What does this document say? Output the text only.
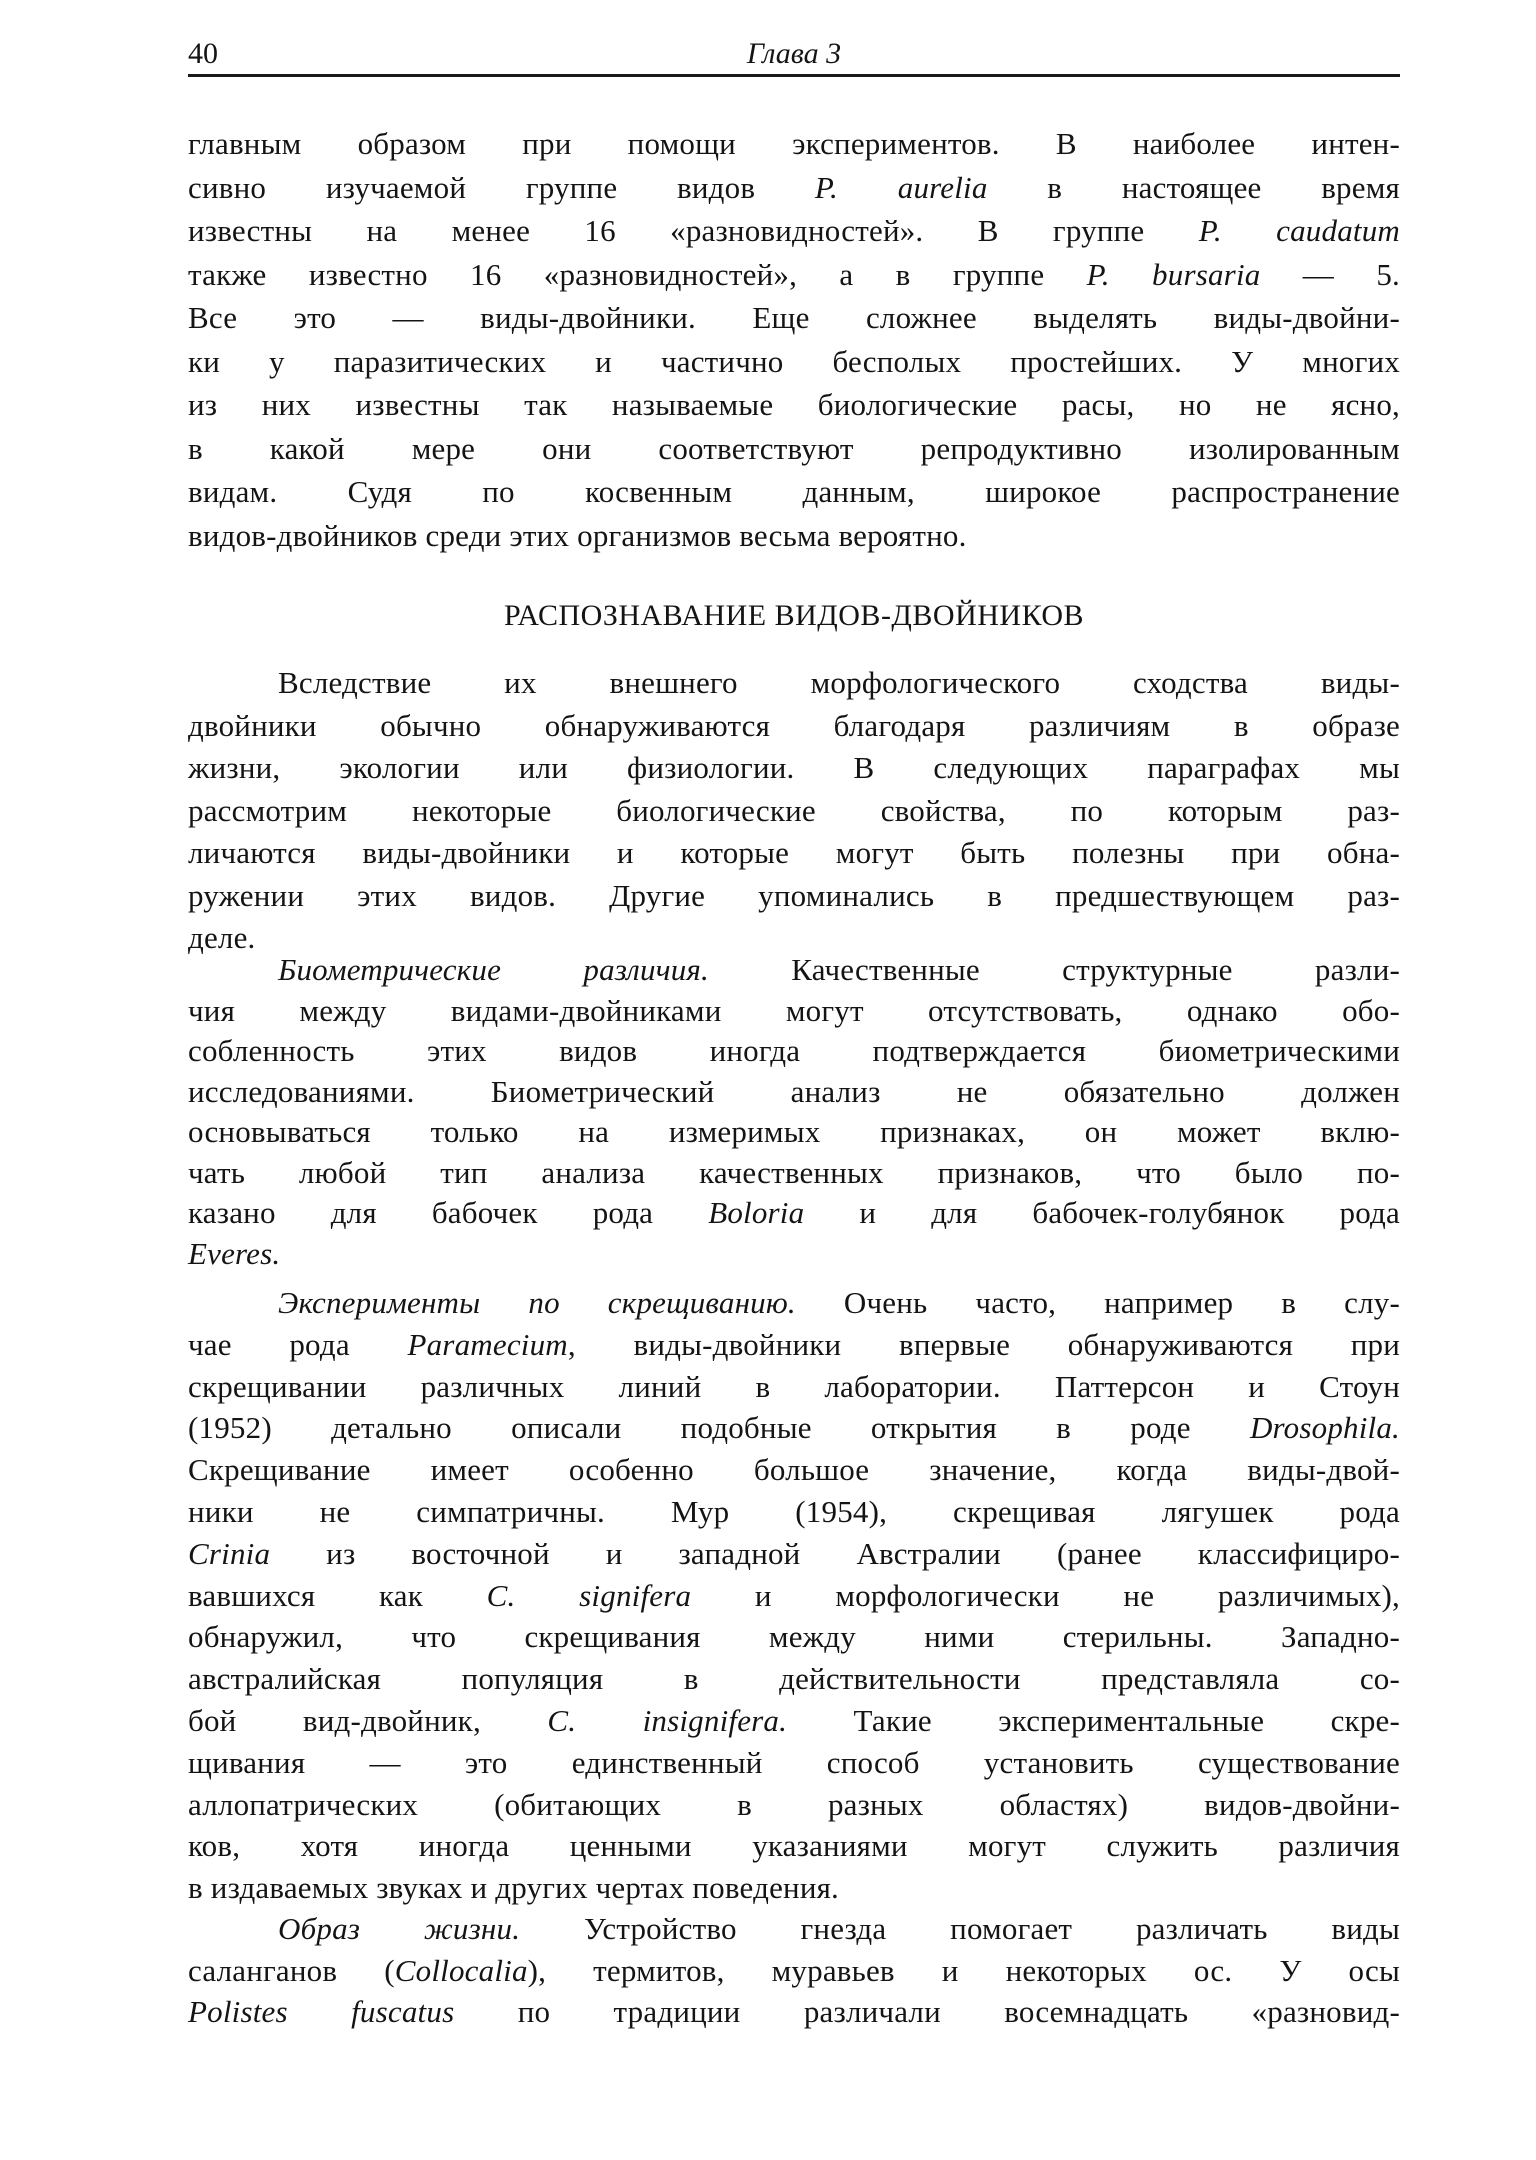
40	Глава 3
главным образом при помощи экспериментов. В наиболее интен-
сивно изучаемой группе видов P. aurelia в настоящее время
известны на менее 16 «разновидностей». В группе P. caudatum
также известно 16 «разновидностей», а в группе P. bursaria — 5.
Все это — виды-двойники. Еще сложнее выделять виды-двойни-
ки у паразитических и частично бесполых простейших. У многих
из них известны так называемые биологические расы, но не ясно,
в какой мере они соответствуют репродуктивно изолированным
видам. Судя по косвенным данным, широкое распространение
видов-двойников среди этих организмов весьма вероятно.
РАСПОЗНАВАНИЕ ВИДОВ-ДВОЙНИКОВ
Вследствие их внешнего морфологического сходства виды-
двойники обычно обнаруживаются благодаря различиям в образе
жизни, экологии или физиологии. В следующих параграфах мы
рассмотрим некоторые биологические свойства, по которым раз-
личаются виды-двойники и которые могут быть полезны при обна-
ружении этих видов. Другие упоминались в предшествующем раз-
деле.
Биометрические различия. Качественные структурные разли-
чия между видами-двойниками могут отсутствовать, однако обо-
собленность этих видов иногда подтверждается биометрическими
исследованиями. Биометрический анализ не обязательно должен
основываться только на измеримых признаках, он может вклю-
чать любой тип анализа качественных признаков, что было по-
казано для бабочек рода Boloria и для бабочек-голубянок рода
Everes.
Эксперименты по скрещиванию. Очень часто, например в слу-
чае рода Paramecium, виды-двойники впервые обнаруживаются при
скрещивании различных линий в лаборатории. Паттерсон и Стоун
(1952) детально описали подобные открытия в роде Drosophila.
Скрещивание имеет особенно большое значение, когда виды-двой-
ники не симпатричны. Мур (1954), скрещивая лягушек рода
Crinia из восточной и западной Австралии (ранее классифициро-
вавшихся как C. signifera и морфологически не различимых),
обнаружил, что скрещивания между ними стерильны. Западно-
австралийская популяция в действительности представляла со-
бой вид-двойник, C. insignifera. Такие экспериментальные скре-
щивания — это единственный способ установить существование
аллопатрических (обитающих в разных областях) видов-двойни-
ков, хотя иногда ценными указаниями могут служить различия
в издаваемых звуках и других чертах поведения.
Образ жизни. Устройство гнезда помогает различать виды
саланганов (Collocalia), термитов, муравьев и некоторых ос. У осы
Polistes fuscatus по традиции различали восемнадцать «разновид-
